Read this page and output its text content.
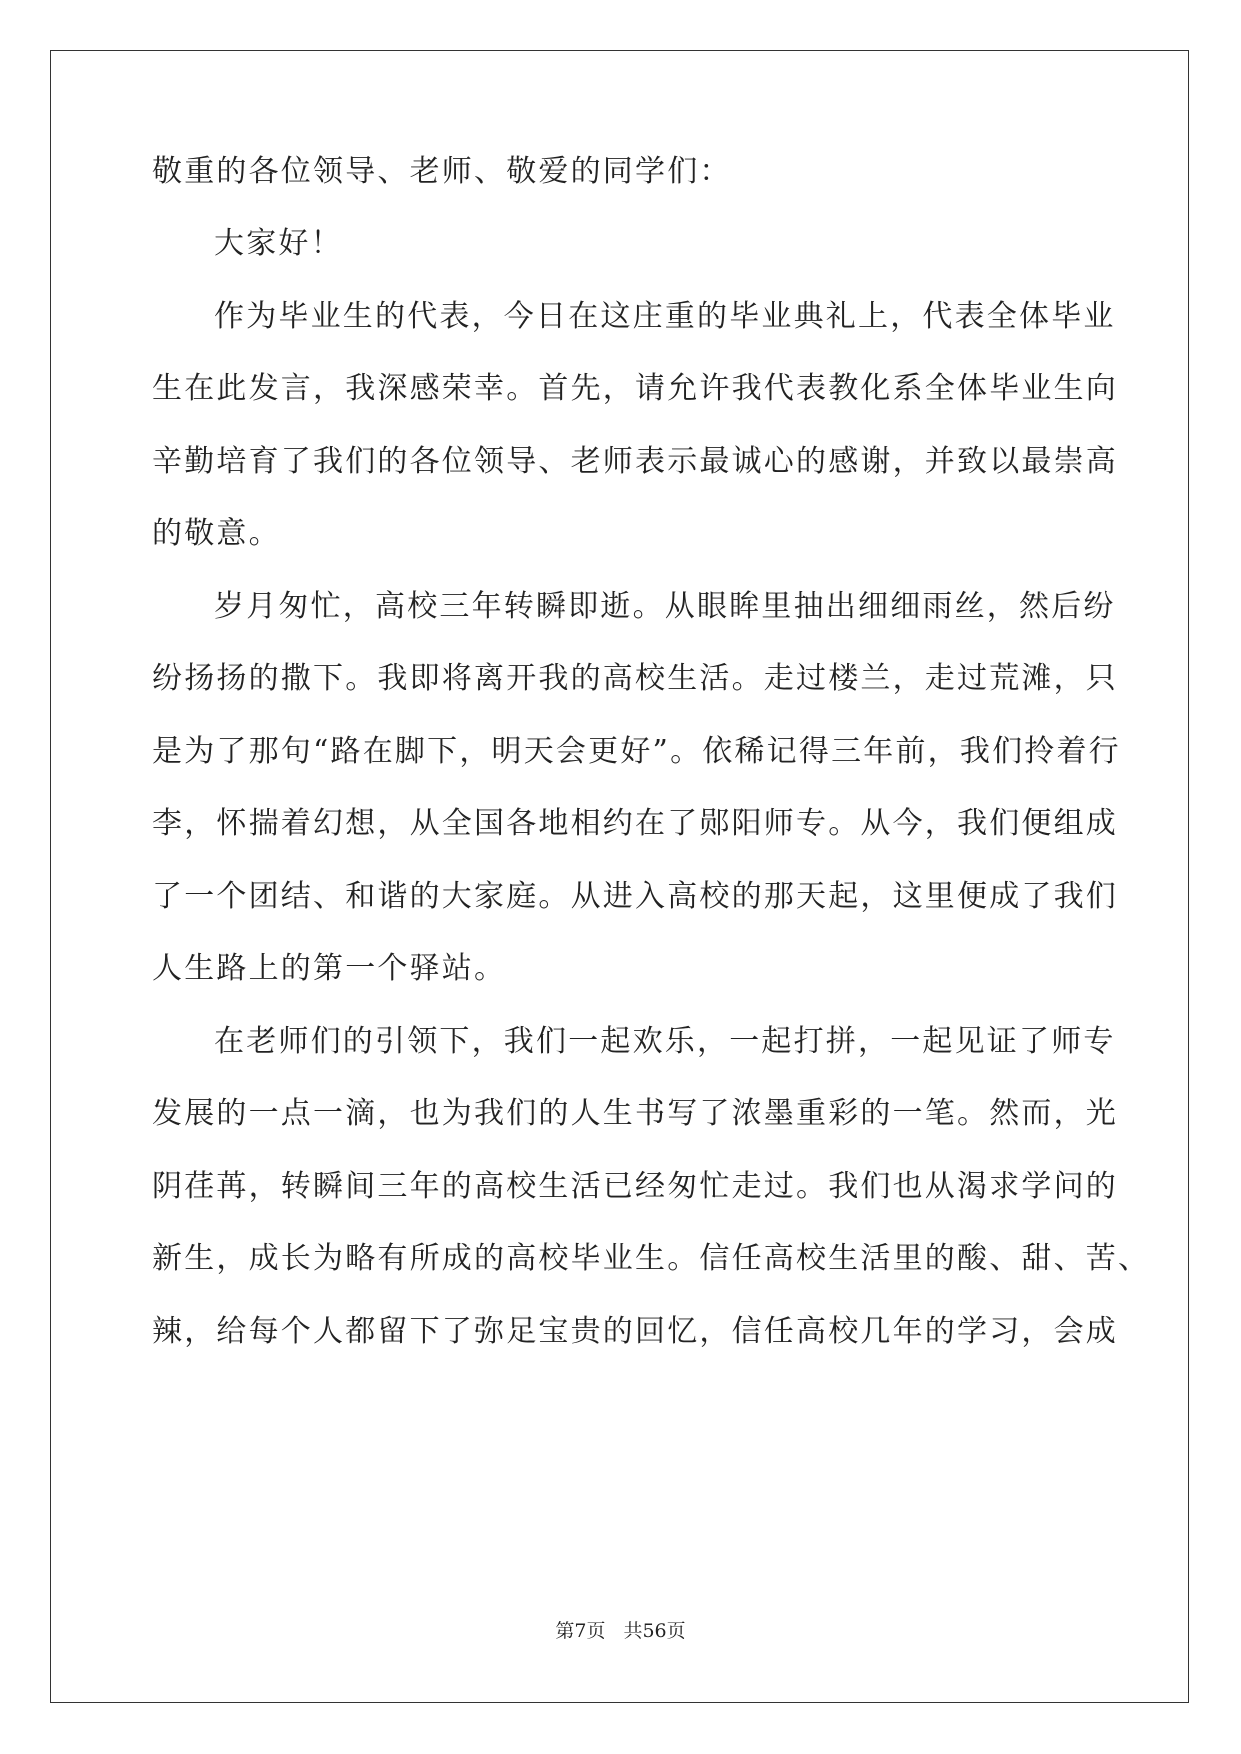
敬重的各位领导、老师、敬爱的同学们：
大家好！
作为毕业生的代表，今日在这庄重的毕业典礼上，代表全体毕业
生在此发言，我深感荣幸。首先，请允许我代表教化系全体毕业生向
辛勤培育了我们的各位领导、老师表示最诚心的感谢，并致以最崇高
的敬意。
岁月匆忙，高校三年转瞬即逝。从眼眸里抽出细细雨丝，然后纷
纷扬扬的撒下。我即将离开我的高校生活。走过楼兰，走过荒滩，只
是为了那句“路在脚下，明天会更好”。依稀记得三年前，我们拎着行
李，怀揣着幻想，从全国各地相约在了郧阳师专。从今，我们便组成
了一个团结、和谐的大家庭。从进入高校的那天起，这里便成了我们
人生路上的第一个驿站。
在老师们的引领下，我们一起欢乐，一起打拼，一起见证了师专
发展的一点一滴，也为我们的人生书写了浓墨重彩的一笔。然而，光
阴荏苒，转瞬间三年的高校生活已经匆忙走过。我们也从渴求学问的
新生，成长为略有所成的高校毕业生。信任高校生活里的酸、甜、苦、
辣，给每个人都留下了弥足宝贵的回忆，信任高校几年的学习，会成
第7页 共56页
